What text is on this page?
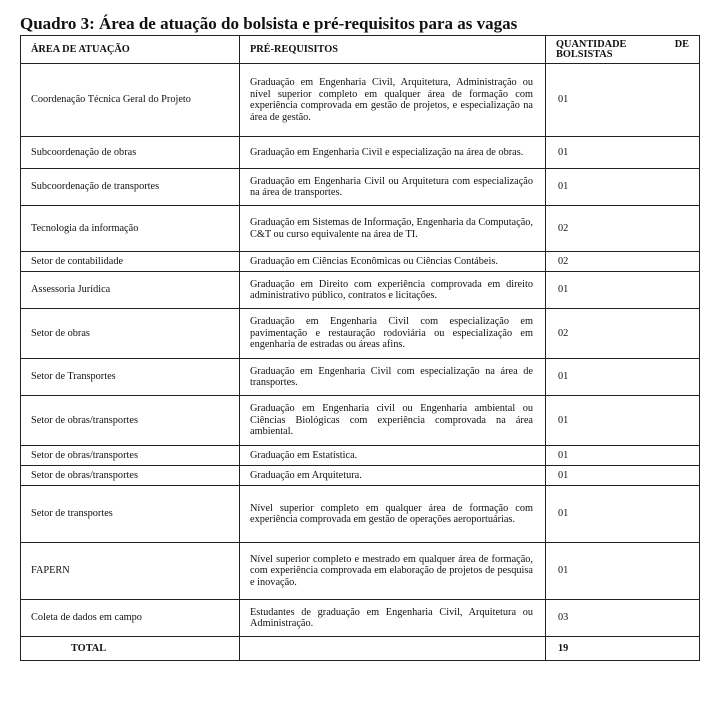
Quadro 3: Área de atuação do bolsista e pré-requisitos para as vagas
ÁREA DE ATUAÇÃO	PRÉ-REQUISITOS	QUANTIDADE DE
BOLSISTAS

Coordenação Técnica Geral do Projeto	Graduação em Engenharia Civil, Arquitetura, Administração ou nível superior completo em qualquer área de formação com experiência comprovada em gestão de projetos, e especialização na área de gestão.	01
Subcoordenação de obras	Graduação em Engenharia Civil e especialização na área de obras.	01
Subcoordenação de transportes	Graduação em Engenharia Civil ou Arquitetura com especialização na área de transportes.	01
Tecnologia da informação	Graduação em Sistemas de Informação, Engenharia da Computação, C&T ou curso equivalente na área de TI.	02
Setor de contabilidade	Graduação em Ciências Econômicas ou Ciências Contábeis.	02
Assessoria Jurídica	Graduação em Direito com experiência comprovada em direito administrativo público, contratos e licitações.	01
Setor de obras	Graduação em Engenharia Civil com especialização em pavimentação e restauração rodoviária ou especialização em engenharia de estradas ou áreas afins.	02
Setor de Transportes	Graduação em Engenharia Civil com especialização na área de transportes.	01
Setor de obras/transportes	Graduação em Engenharia civil ou Engenharia ambiental ou Ciências Biológicas com experiência comprovada na área ambiental.	01
Setor de obras/transportes	Graduação em Estatística.	01
Setor de obras/transportes	Graduação em Arquitetura.	01
Setor de transportes	Nível superior completo em qualquer área de formação com experiência comprovada em gestão de operações aeroportuárias.	01
FAPERN	Nível superior completo e mestrado em qualquer área de formação, com experiência comprovada em elaboração de projetos de pesquisa e inovação.	01
Coleta de dados em campo	Estudantes de graduação em Engenharia Civil, Arquitetura ou Administração.	03
TOTAL		19
